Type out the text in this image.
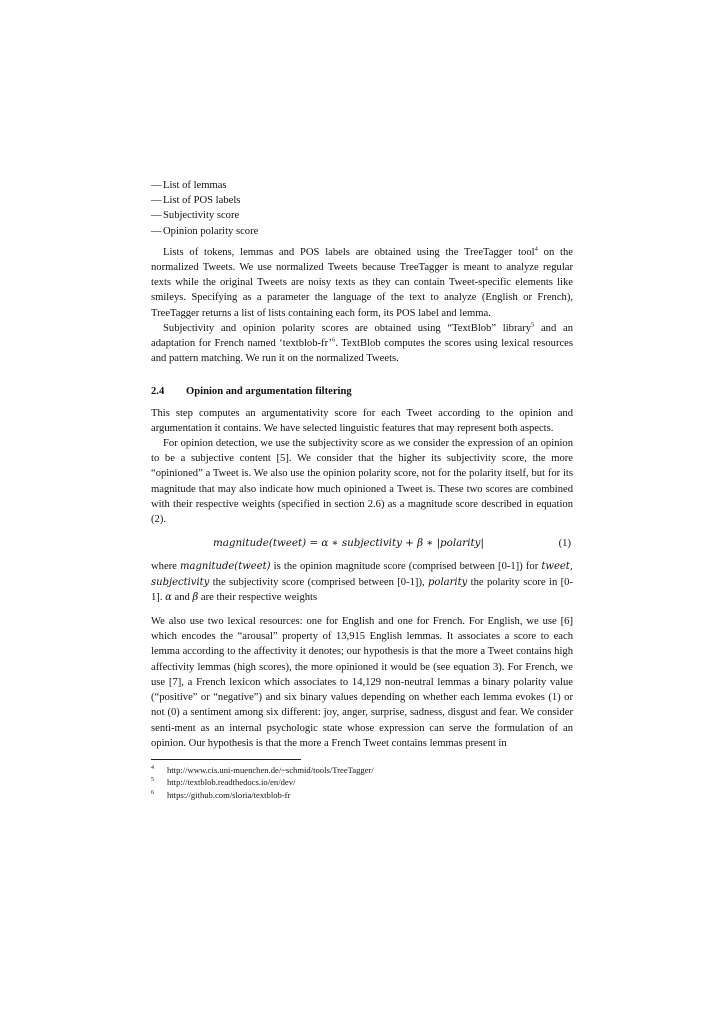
— List of lemmas
— List of POS labels
— Subjectivity score
— Opinion polarity score

Lists of tokens, lemmas and POS labels are obtained using the TreeTagger tool$^4$ on the normalized Tweets. We use normalized Tweets because TreeTagger is meant to analyze regular texts while the original Tweets are noisy texts as they can contain Tweet-specific elements like smileys. Specifying as a parameter the language of the text to analyze (English or French), TreeTagger returns a list of lists containing each form, its POS label and lemma.

Subjectivity and opinion polarity scores are obtained using “TextBlob” library$^5$ and an adaptation for French named ‘textblob-fr’$^6$. TextBlob computes the scores using lexical resources and pattern matching. We run it on the normalized Tweets.

2.4	Opinion and argumentation filtering

This step computes an argumentativity score for each Tweet according to the opinion and argumentation it contains. We have selected linguistic features that may represent both aspects.

For opinion detection, we use the subjectivity score as we consider the expression of an opinion to be a subjective content [5]. We consider that the higher its subjectivity score, the more “opinioned” a Tweet is. We also use the opinion polarity score, not for the polarity itself, but for its magnitude that may also indicate how much opinioned a Tweet is. These two scores are combined with their respective weights (specified in section 2.6) as a magnitude score described in equation (2).

magnitude(tweet) = α ∗ subjectivity + β ∗ |polarity|	(1)

where magnitude(tweet) is the opinion magnitude score (comprised between [0-1]) for tweet, subjectivity the subjectivity score (comprised between [0-1]), polarity the polarity score in [0-1]. α and β are their respective weights

We also use two lexical resources: one for English and one for French. For English, we use [6] which encodes the “arousal” property of 13,915 English lemmas. It associates a score to each lemma according to the affectivity it denotes; our hypothesis is that the more a Tweet contains high affectivity lemmas (high scores), the more opinioned it would be (see equation 3). For French, we use [7], a French lexicon which associates to 14,129 non-neutral lemmas a binary polarity value (“positive” or “negative”) and six binary values depending on whether each lemma evokes (1) or not (0) a sentiment among six different: joy, anger, surprise, sadness, disgust and fear. We consider senti-ment as an internal psychologic state whose expression can serve the formulation of an opinion. Our hypothesis is that the more a French Tweet contains lemmas present in

4	http://www.cis.uni-muenchen.de/~schmid/tools/TreeTagger/
5	http://textblob.readthedocs.io/en/dev/
6	https://github.com/sloria/textblob-fr
